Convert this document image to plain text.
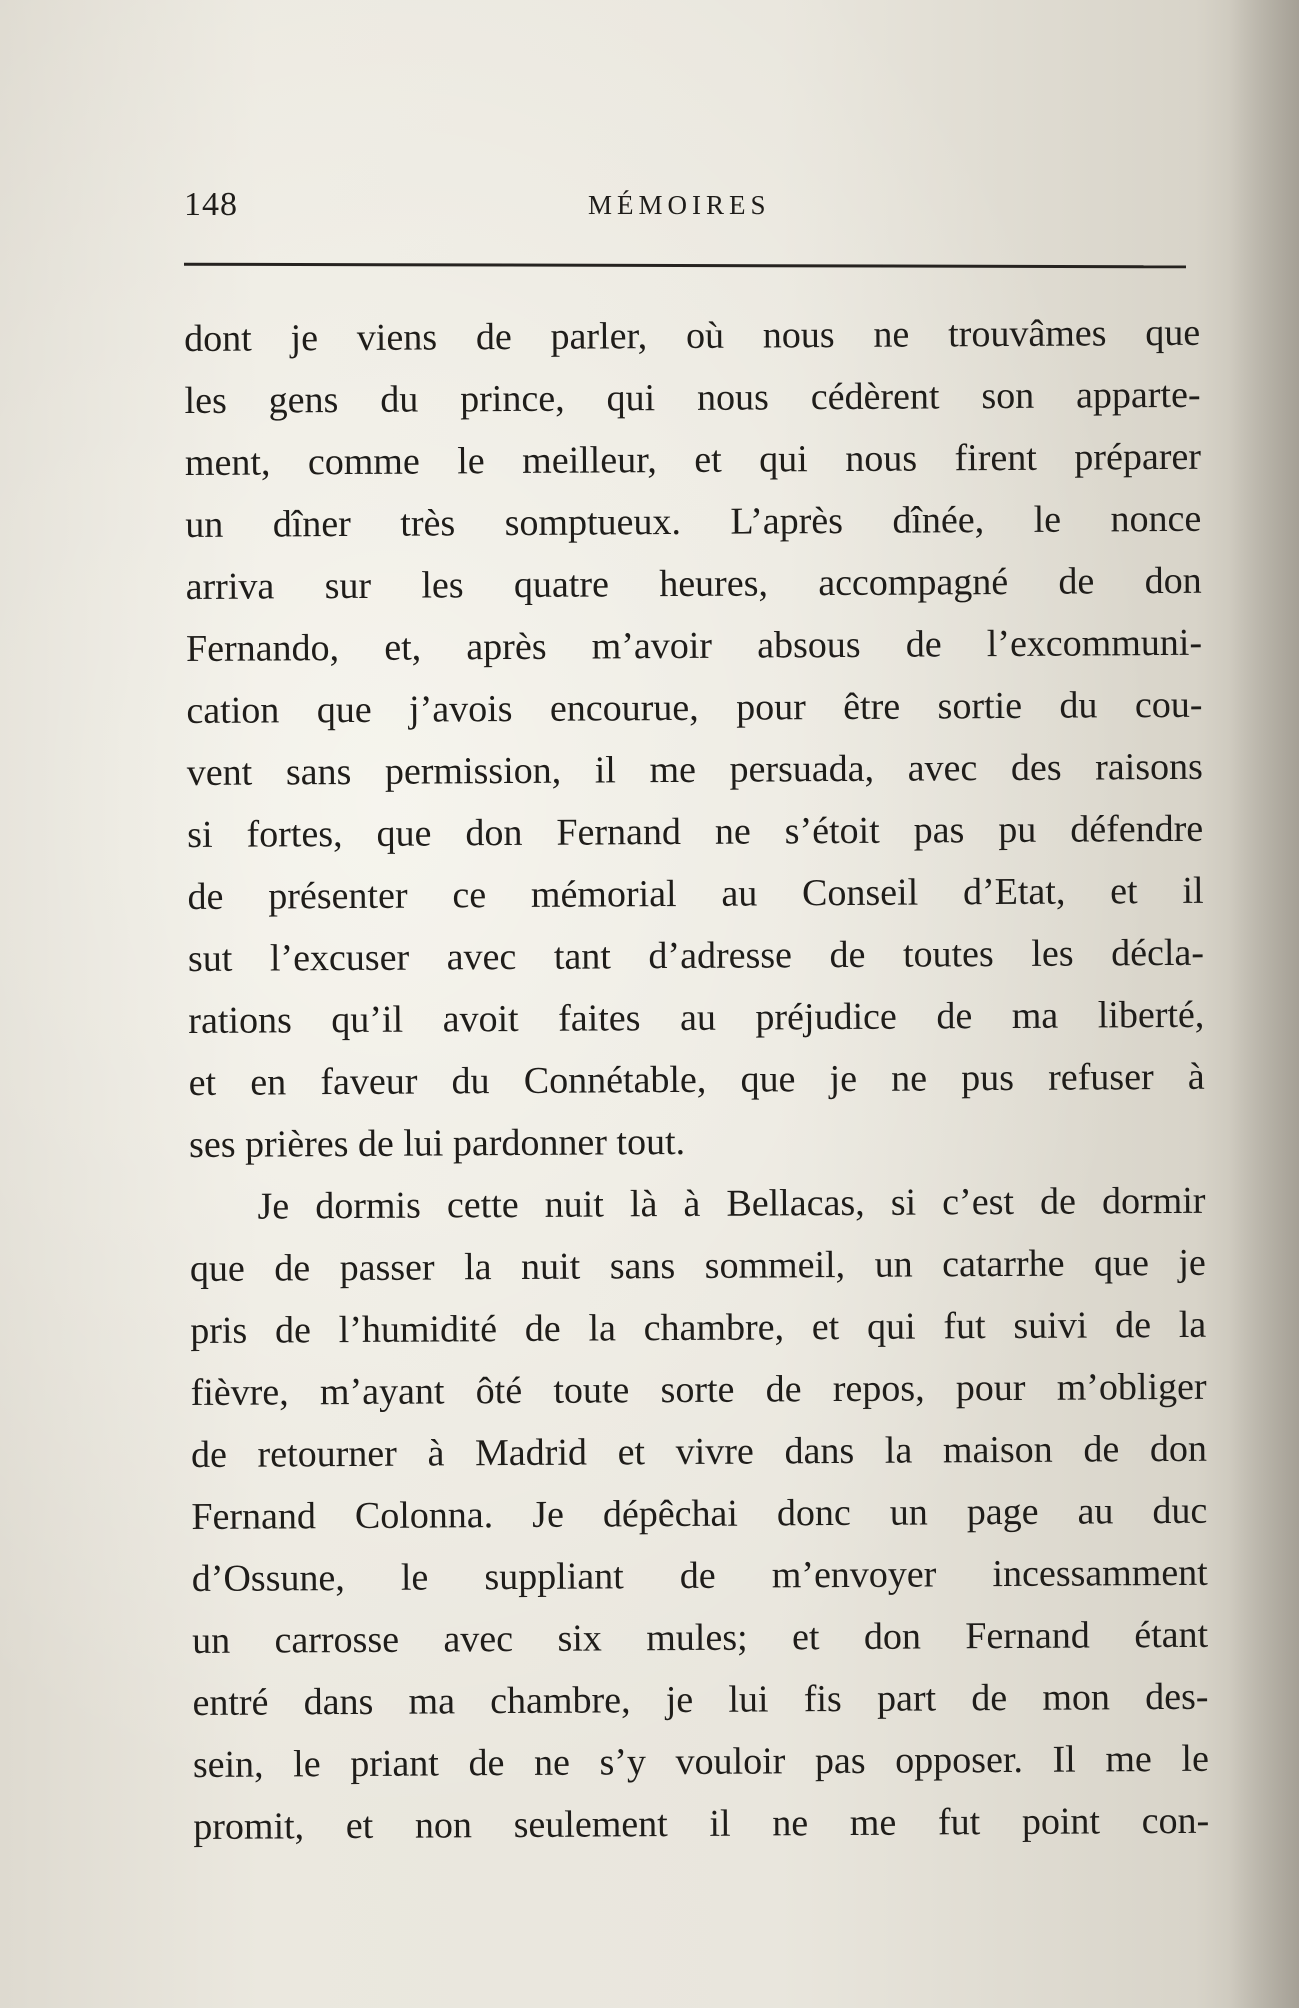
148	MÉMOIRES
dont je viens de parler, où nous ne trouvâmes que
les gens du prince, qui nous cédèrent son apparte-
ment, comme le meilleur, et qui nous firent préparer
un dîner très somptueux. L’après dînée, le nonce
arriva sur les quatre heures, accompagné de don
Fernando, et, après m’avoir absous de l’excommuni-
cation que j’avois encourue, pour être sortie du cou-
vent sans permission, il me persuada, avec des raisons
si fortes, que don Fernand ne s’étoit pas pu défendre
de présenter ce mémorial au Conseil d’Etat, et il
sut l’excuser avec tant d’adresse de toutes les décla-
rations qu’il avoit faites au préjudice de ma liberté,
et en faveur du Connétable, que je ne pus refuser à
ses prières de lui pardonner tout.
Je dormis cette nuit là à Bellacas, si c’est de dormir
que de passer la nuit sans sommeil, un catarrhe que je
pris de l’humidité de la chambre, et qui fut suivi de la
fièvre, m’ayant ôté toute sorte de repos, pour m’obliger
de retourner à Madrid et vivre dans la maison de don
Fernand Colonna. Je dépêchai donc un page au duc
d’Ossune, le suppliant de m’envoyer incessamment
un carrosse avec six mules; et don Fernand étant
entré dans ma chambre, je lui fis part de mon des-
sein, le priant de ne s’y vouloir pas opposer. Il me le
promit, et non seulement il ne me fut point con-
